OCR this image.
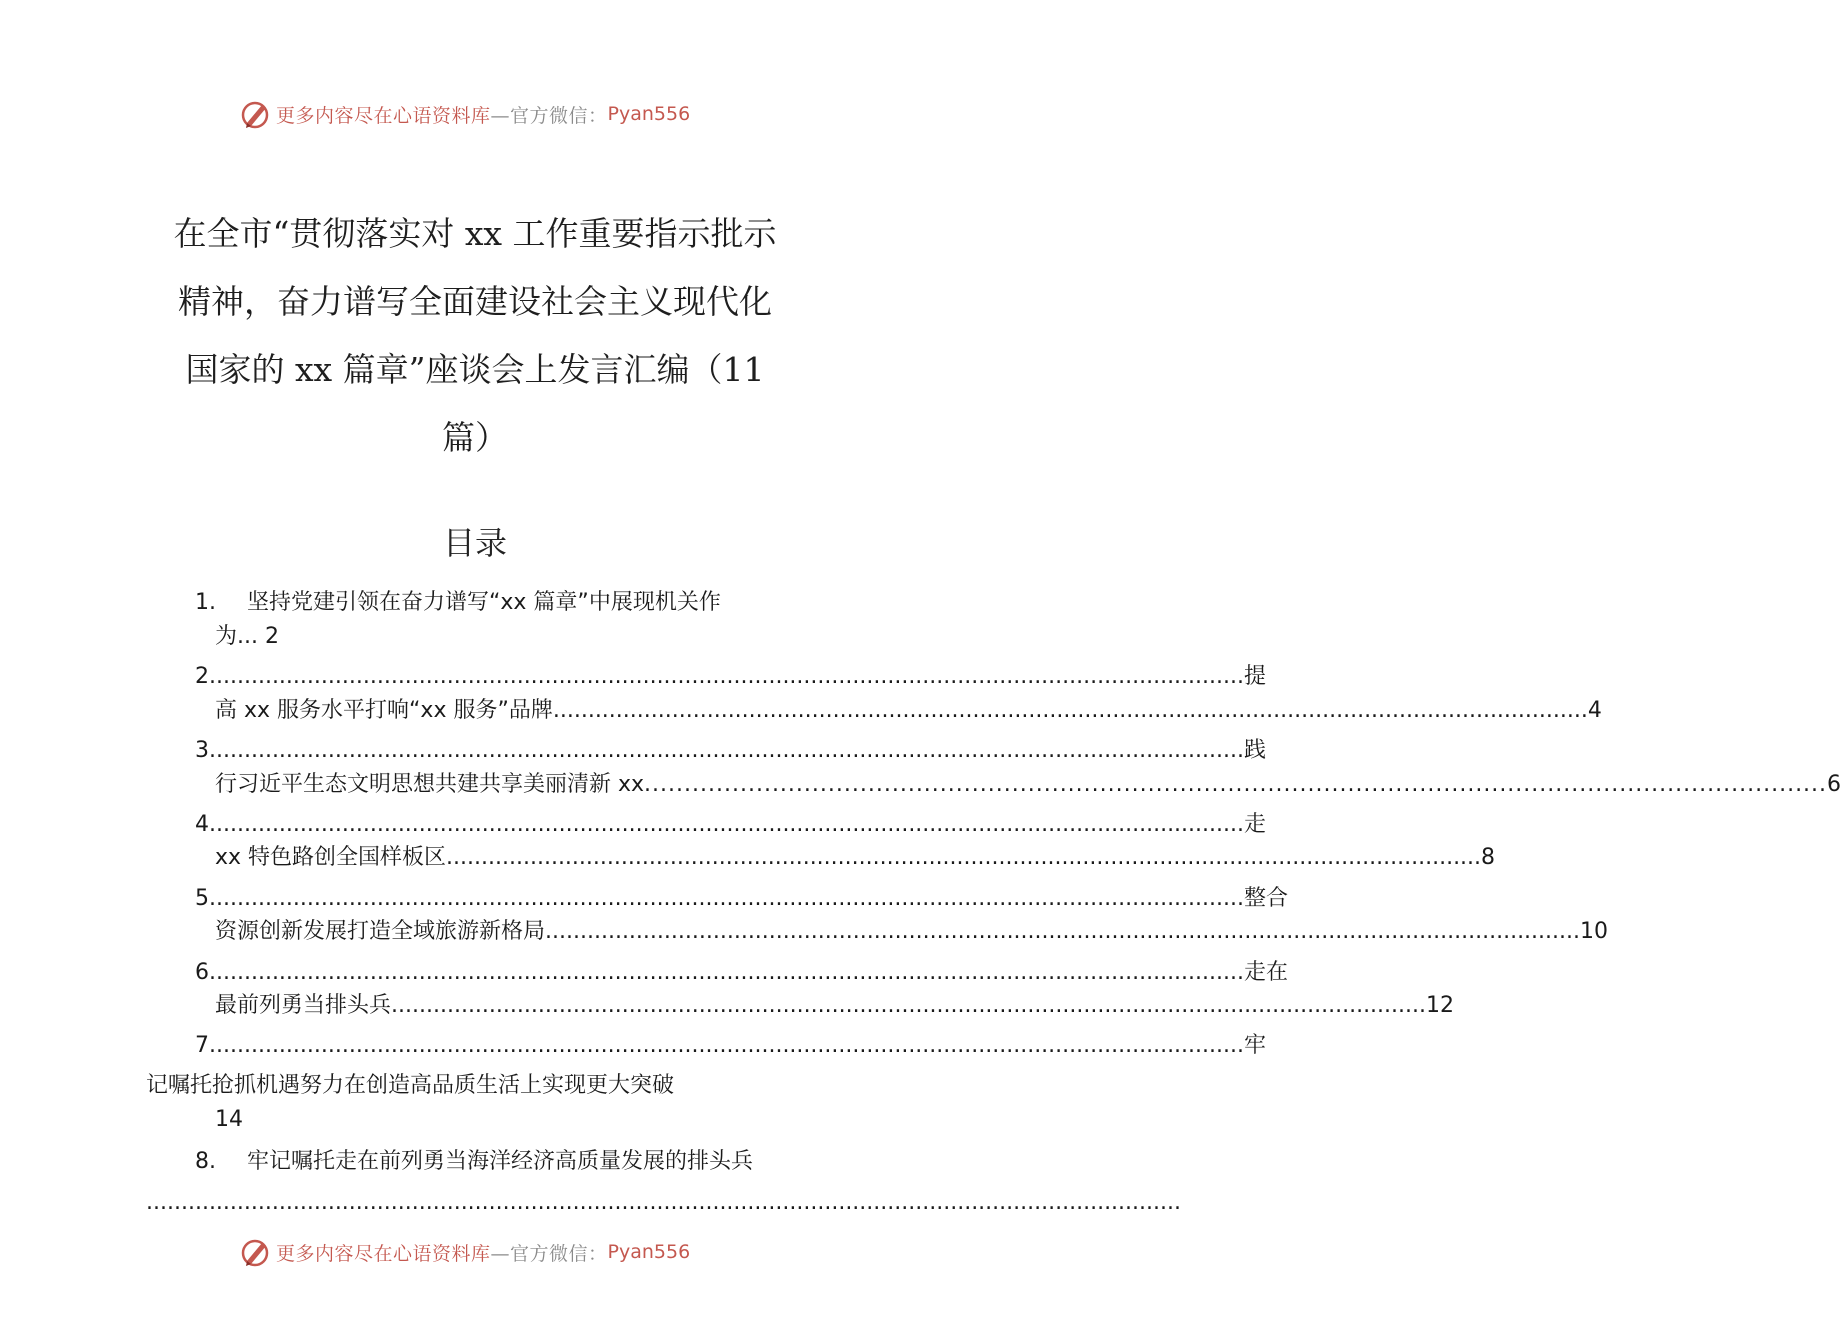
更多内容尽在心语资料库 —官方微信： Pyan556
在全市“贯彻落实对 xx 工作重要指示批示
精神，奋力谱写全面建设社会主义现代化
国家的 xx 篇章”座谈会上发言汇编（11
篇）
目录
1. 坚持党建引领在奋力谱写“xx 篇章”中展现机关作
为... 2
2 .................................................................................................................................................... 提
高 xx 服务水平打响“xx 服务”品牌 .................................................................................................................................................... 4
3 .................................................................................................................................................... 践
行习近平生态文明思想共建共享美丽清新 xx .................................................................................................................................................... 6
4 .................................................................................................................................................... 走
xx 特色路创全国样板区 .................................................................................................................................................... 8
5 .................................................................................................................................................... 整合
资源创新发展打造全域旅游新格局 .................................................................................................................................................... 10
6 .................................................................................................................................................... 走在
最前列勇当排头兵 .................................................................................................................................................... 12
7 .................................................................................................................................................... 牢
记嘱托抢抓机遇努力在创造高品质生活上实现更大突破
14
8. 牢记嘱托走在前列勇当海洋经济高质量发展的排头兵
....................................................................................................................................................
更多内容尽在心语资料库 —官方微信： Pyan556
